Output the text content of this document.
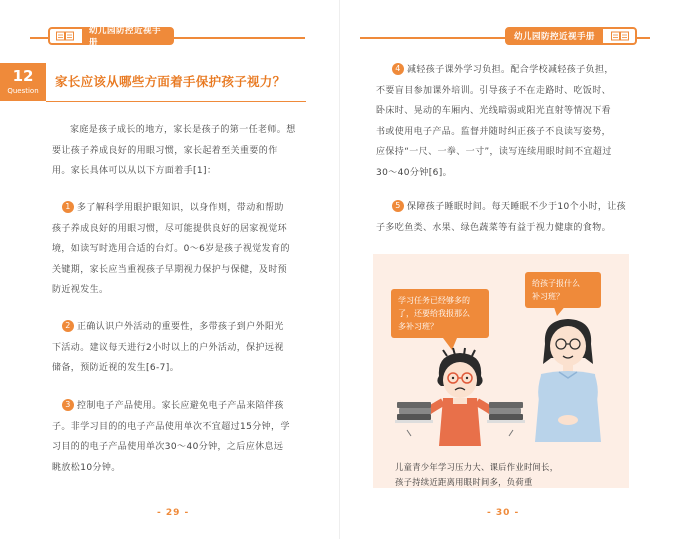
幼儿园防控近视手册
12
Question
家长应该从哪些方面着手保护孩子视力？

家庭是孩子成长的地方，家长是孩子的第一任老师。想

要让孩子养成良好的用眼习惯，家长起着至关重要的作

用。家长具体可以从以下方面着手[1]：

1 多了解科学用眼护眼知识，以身作则，带动和帮助

孩子养成良好的用眼习惯，尽可能提供良好的居家视觉环

境，如读写时选用合适的台灯。0～6岁是孩子视觉发育的

关键期，家长应当重视孩子早期视力保护与保健，及时预

防近视发生。

2 正确认识户外活动的重要性，多带孩子到户外阳光

下活动。建议每天进行2小时以上的户外活动，保护远视

储备，预防近视的发生[6-7]。

3 控制电子产品使用。家长应避免电子产品来陪伴孩

子。非学习目的的电子产品使用单次不宜超过15分钟，学

习目的的电子产品使用单次30～40分钟，之后应休息远

眺放松10分钟。

- 29 -
幼儿园防控近视手册

4 减轻孩子课外学习负担。配合学校减轻孩子负担，

不要盲目参加课外培训。引导孩子不在走路时、吃饭时、

卧床时、晃动的车厢内、光线暗弱或阳光直射等情况下看

书或使用电子产品。监督并随时纠正孩子不良读写姿势，

应保持“一尺、一拳、一寸”，读写连续用眼时间不宜超过

30～40分钟[6]。

5 保障孩子睡眠时间。每天睡眠不少于10个小时，让孩

子多吃鱼类、水果、绿色蔬菜等有益于视力健康的食物。

学习任务已经够多的
了，还要给我报那么
多补习班？
给孩子报什么
补习班？
儿童青少年学习压力大、课后作业时间长，
孩子持续近距离用眼时间多，负荷重
- 30 -
